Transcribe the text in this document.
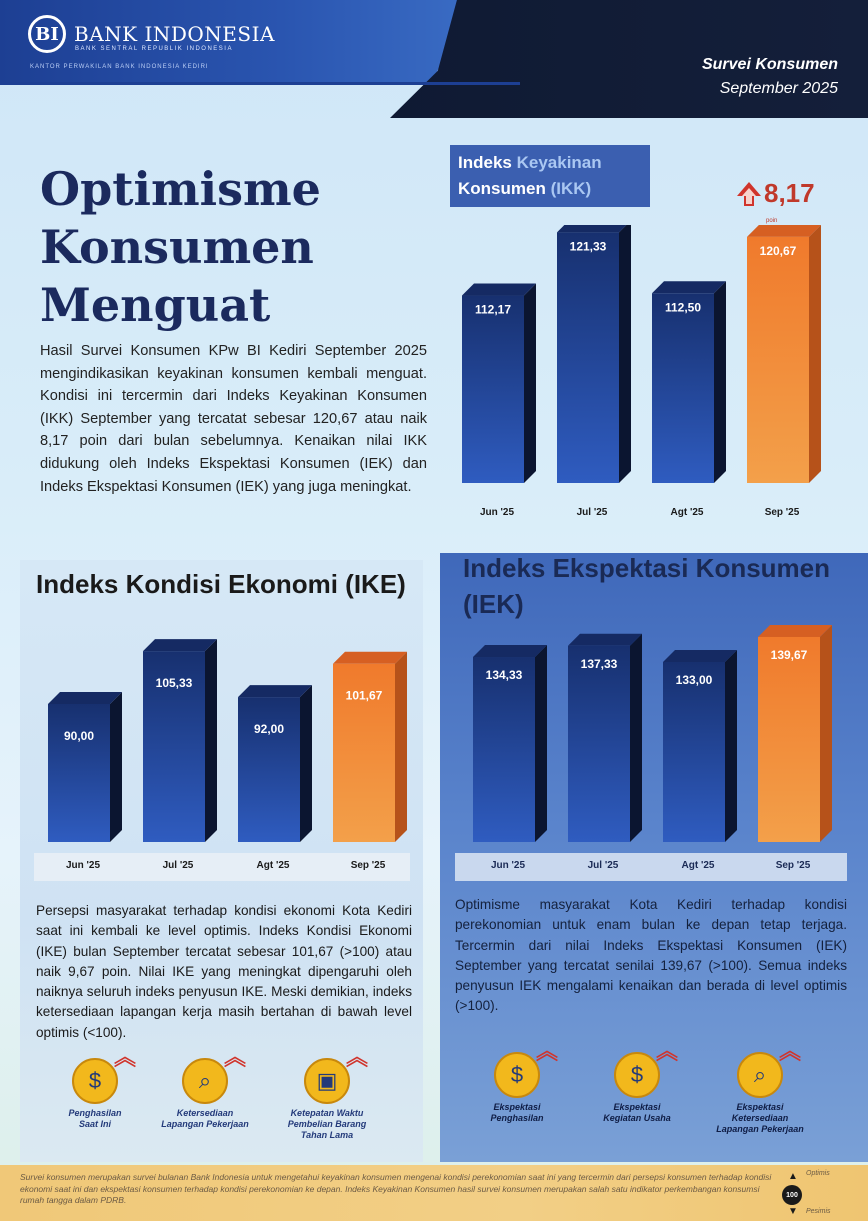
BI BANK INDONESIA
BANK SENTRAL REPUBLIK INDONESIA
KANTOR PERWAKILAN BANK INDONESIA KEDIRI	Survei Konsumen
September 2025
Optimisme
Konsumen
Menguat

Hasil Survei Konsumen KPw BI Kediri September 2025 mengindikasikan keyakinan konsumen kembali menguat. Kondisi ini tercermin dari Indeks Keyakinan Konsumen (IKK) September yang tercatat sebesar 120,67 atau naik 8,17 poin dari bulan sebelumnya. Kenaikan nilai IKK didukung oleh Indeks Ekspektasi Konsumen (IEK) dan Indeks Ekspektasi Konsumen (IEK) yang juga meningkat.

Indeks Keyakinan
Konsumen (IKK)	8,17
poin
112,17
Jun '25
121,33
Jul '25
112,50
Agt '25
120,67
Sep '25
Indeks Kondisi Ekonomi (IKE)
90,00
Jun '25
105,33
Jul '25
92,00
Agt '25
101,67
Sep '25

Persepsi masyarakat terhadap kondisi ekonomi Kota Kediri saat ini kembali ke level optimis. Indeks Kondisi Ekonomi (IKE) bulan September tercatat sebesar 101,67 (>100) atau naik 9,67 poin. Nilai IKE yang meningkat dipengaruhi oleh naiknya seluruh indeks penyusun IKE. Meski demikian, indeks ketersediaan lapangan kerja masih bertahan di bawah level optimis (<100).

Indeks Ekspektasi Konsumen
(IEK)
134,33
Jun '25
137,33
Jul '25
133,00
Agt '25
139,67
Sep '25

Optimisme masyarakat Kota Kediri terhadap kondisi perekonomian untuk enam bulan ke depan tetap terjaga. Tercermin dari nilai Indeks Ekspektasi Konsumen (IEK) September yang tercatat senilai 139,67 (>100). Semua indeks penyusun IEK mengalami kenaikan dan berada di level optimis (>100).

$
︽
Penghasilan
Saat Ini
⌕
︽
Ketersediaan
Lapangan Pekerjaan
▣
︽
Ketepatan Waktu
Pembelian Barang
Tahan Lama
$
︽
Ekspektasi
Penghasilan
$
︽
Ekspektasi
Kegiatan Usaha
⌕
︽
Ekspektasi
Ketersediaan
Lapangan Pekerjaan

Survei konsumen merupakan survei bulanan Bank Indonesia untuk mengetahui keyakinan konsumen mengenai kondisi perekonomian saat ini yang tercermin dari persepsi konsumen terhadap kondisi ekonomi saat ini dan ekspektasi konsumen terhadap kondisi perekonomian ke depan. Indeks Keyakinan Konsumen hasil survei konsumen merupakan salah satu indikator perkembangan konsumsi rumah tangga dalam PDRB.

▲ Optimis
100
▼ Pesimis
